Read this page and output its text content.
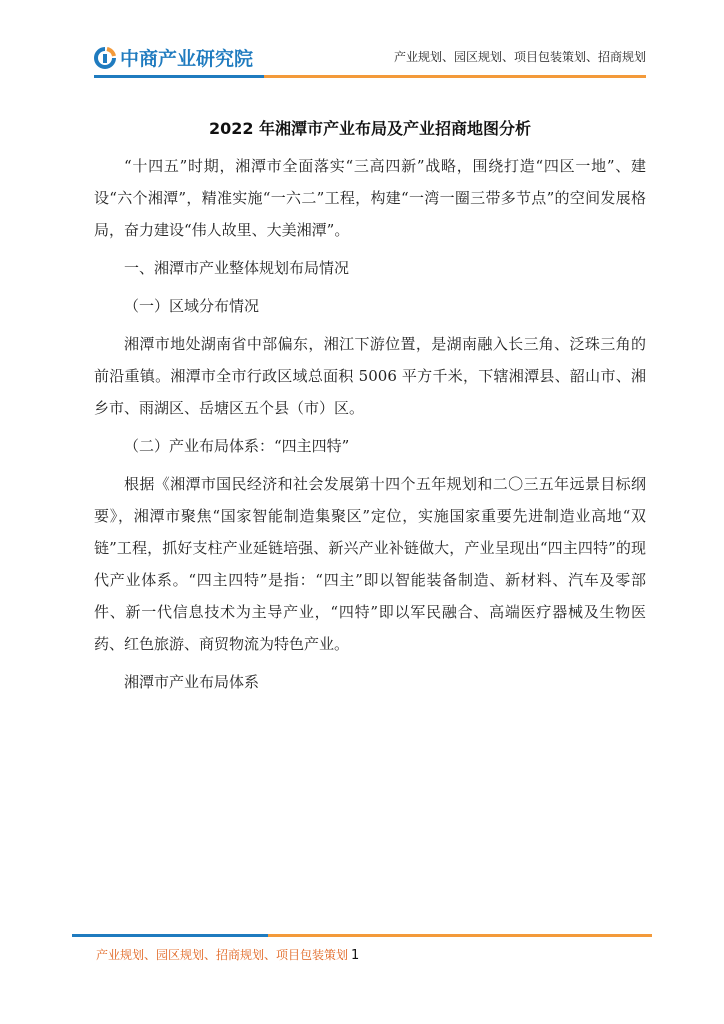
中商产业研究院	产业规划、园区规划、项目包装策划、招商规划
2022 年湘潭市产业布局及产业招商地图分析

“十四五”时期，湘潭市全面落实“三高四新”战略，围绕打造“四区一地”、建设“六个湘潭”，精准实施“一六二”工程，构建“一湾一圈三带多节点”的空间发展格局，奋力建设“伟人故里、大美湘潭”。

一、湘潭市产业整体规划布局情况

（一）区域分布情况

湘潭市地处湖南省中部偏东，湘江下游位置，是湖南融入长三角、泛珠三角的前沿重镇。湘潭市全市行政区域总面积 5006 平方千米，下辖湘潭县、韶山市、湘乡市、雨湖区、岳塘区五个县（市）区。

（二）产业布局体系：“四主四特”

根据《湘潭市国民经济和社会发展第十四个五年规划和二〇三五年远景目标纲要》，湘潭市聚焦“国家智能制造集聚区”定位，实施国家重要先进制造业高地“双链”工程，抓好支柱产业延链培强、新兴产业补链做大，产业呈现出“四主四特”的现代产业体系。“四主四特”是指：“四主”即以智能装备制造、新材料、汽车及零部件、新一代信息技术为主导产业，“四特”即以军民融合、高端医疗器械及生物医药、红色旅游、商贸物流为特色产业。

湘潭市产业布局体系

产业规划、园区规划、招商规划、项目包装策划 1
